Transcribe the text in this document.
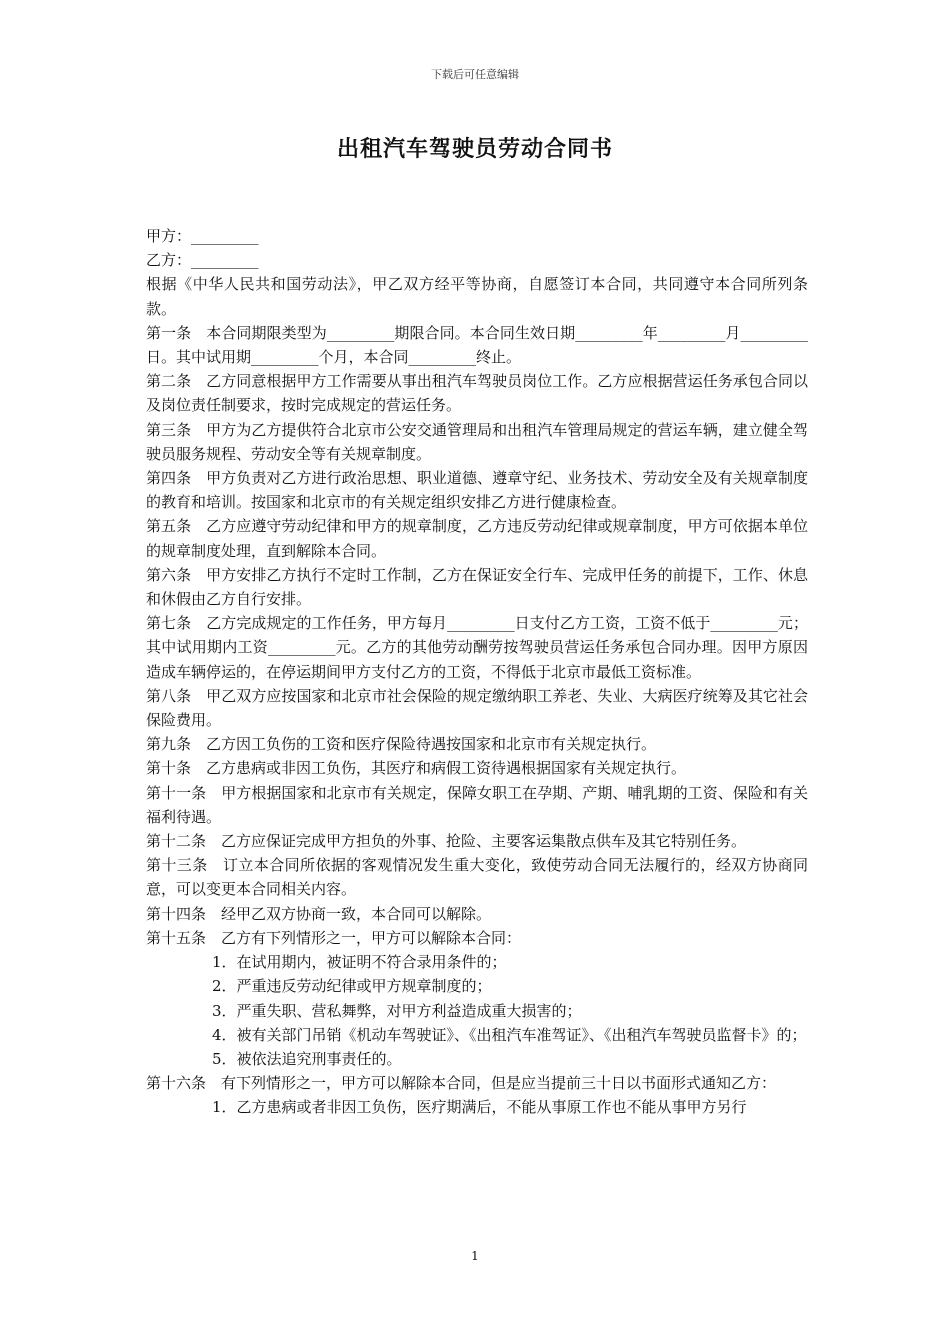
下载后可任意编辑
出租汽车驾驶员劳动合同书

甲方：_________

乙方：_________

根据《中华人民共和国劳动法》，甲乙双方经平等协商，自愿签订本合同，共同遵守本合同所列条款。

第一条　本合同期限类型为_________期限合同。本合同生效日期_________年_________月_________日。其中试用期_________个月，本合同_________终止。

第二条　乙方同意根据甲方工作需要从事出租汽车驾驶员岗位工作。乙方应根据营运任务承包合同以及岗位责任制要求，按时完成规定的营运任务。

第三条　甲方为乙方提供符合北京市公安交通管理局和出租汽车管理局规定的营运车辆，建立健全驾驶员服务规程、劳动安全等有关规章制度。

第四条　甲方负责对乙方进行政治思想、职业道德、遵章守纪、业务技术、劳动安全及有关规章制度的教育和培训。按国家和北京市的有关规定组织安排乙方进行健康检查。

第五条　乙方应遵守劳动纪律和甲方的规章制度，乙方违反劳动纪律或规章制度，甲方可依据本单位的规章制度处理，直到解除本合同。

第六条　甲方安排乙方执行不定时工作制，乙方在保证安全行车、完成甲任务的前提下，工作、休息和休假由乙方自行安排。

第七条　乙方完成规定的工作任务，甲方每月_________日支付乙方工资，工资不低于_________元；其中试用期内工资_________元。乙方的其他劳动酬劳按驾驶员营运任务承包合同办理。因甲方原因造成车辆停运的，在停运期间甲方支付乙方的工资，不得低于北京市最低工资标准。

第八条　甲乙双方应按国家和北京市社会保险的规定缴纳职工养老、失业、大病医疗统筹及其它社会保险费用。

第九条　乙方因工负伤的工资和医疗保险待遇按国家和北京市有关规定执行。

第十条　乙方患病或非因工负伤，其医疗和病假工资待遇根据国家有关规定执行。

第十一条　甲方根据国家和北京市有关规定，保障女职工在孕期、产期、哺乳期的工资、保险和有关福利待遇。

第十二条　乙方应保证完成甲方担负的外事、抢险、主要客运集散点供车及其它特别任务。

第十三条　订立本合同所依据的客观情况发生重大变化，致使劳动合同无法履行的，经双方协商同意，可以变更本合同相关内容。

第十四条　经甲乙双方协商一致，本合同可以解除。

第十五条　乙方有下列情形之一，甲方可以解除本合同：

1．在试用期内，被证明不符合录用条件的；

2．严重违反劳动纪律或甲方规章制度的；

3．严重失职、营私舞弊，对甲方利益造成重大损害的；

4．被有关部门吊销《机动车驾驶证》、《出租汽车准驾证》、《出租汽车驾驶员监督卡》的；

5．被依法追究刑事责任的。

第十六条　有下列情形之一，甲方可以解除本合同，但是应当提前三十日以书面形式通知乙方：

1．乙方患病或者非因工负伤，医疗期满后，不能从事原工作也不能从事甲方另行

1
